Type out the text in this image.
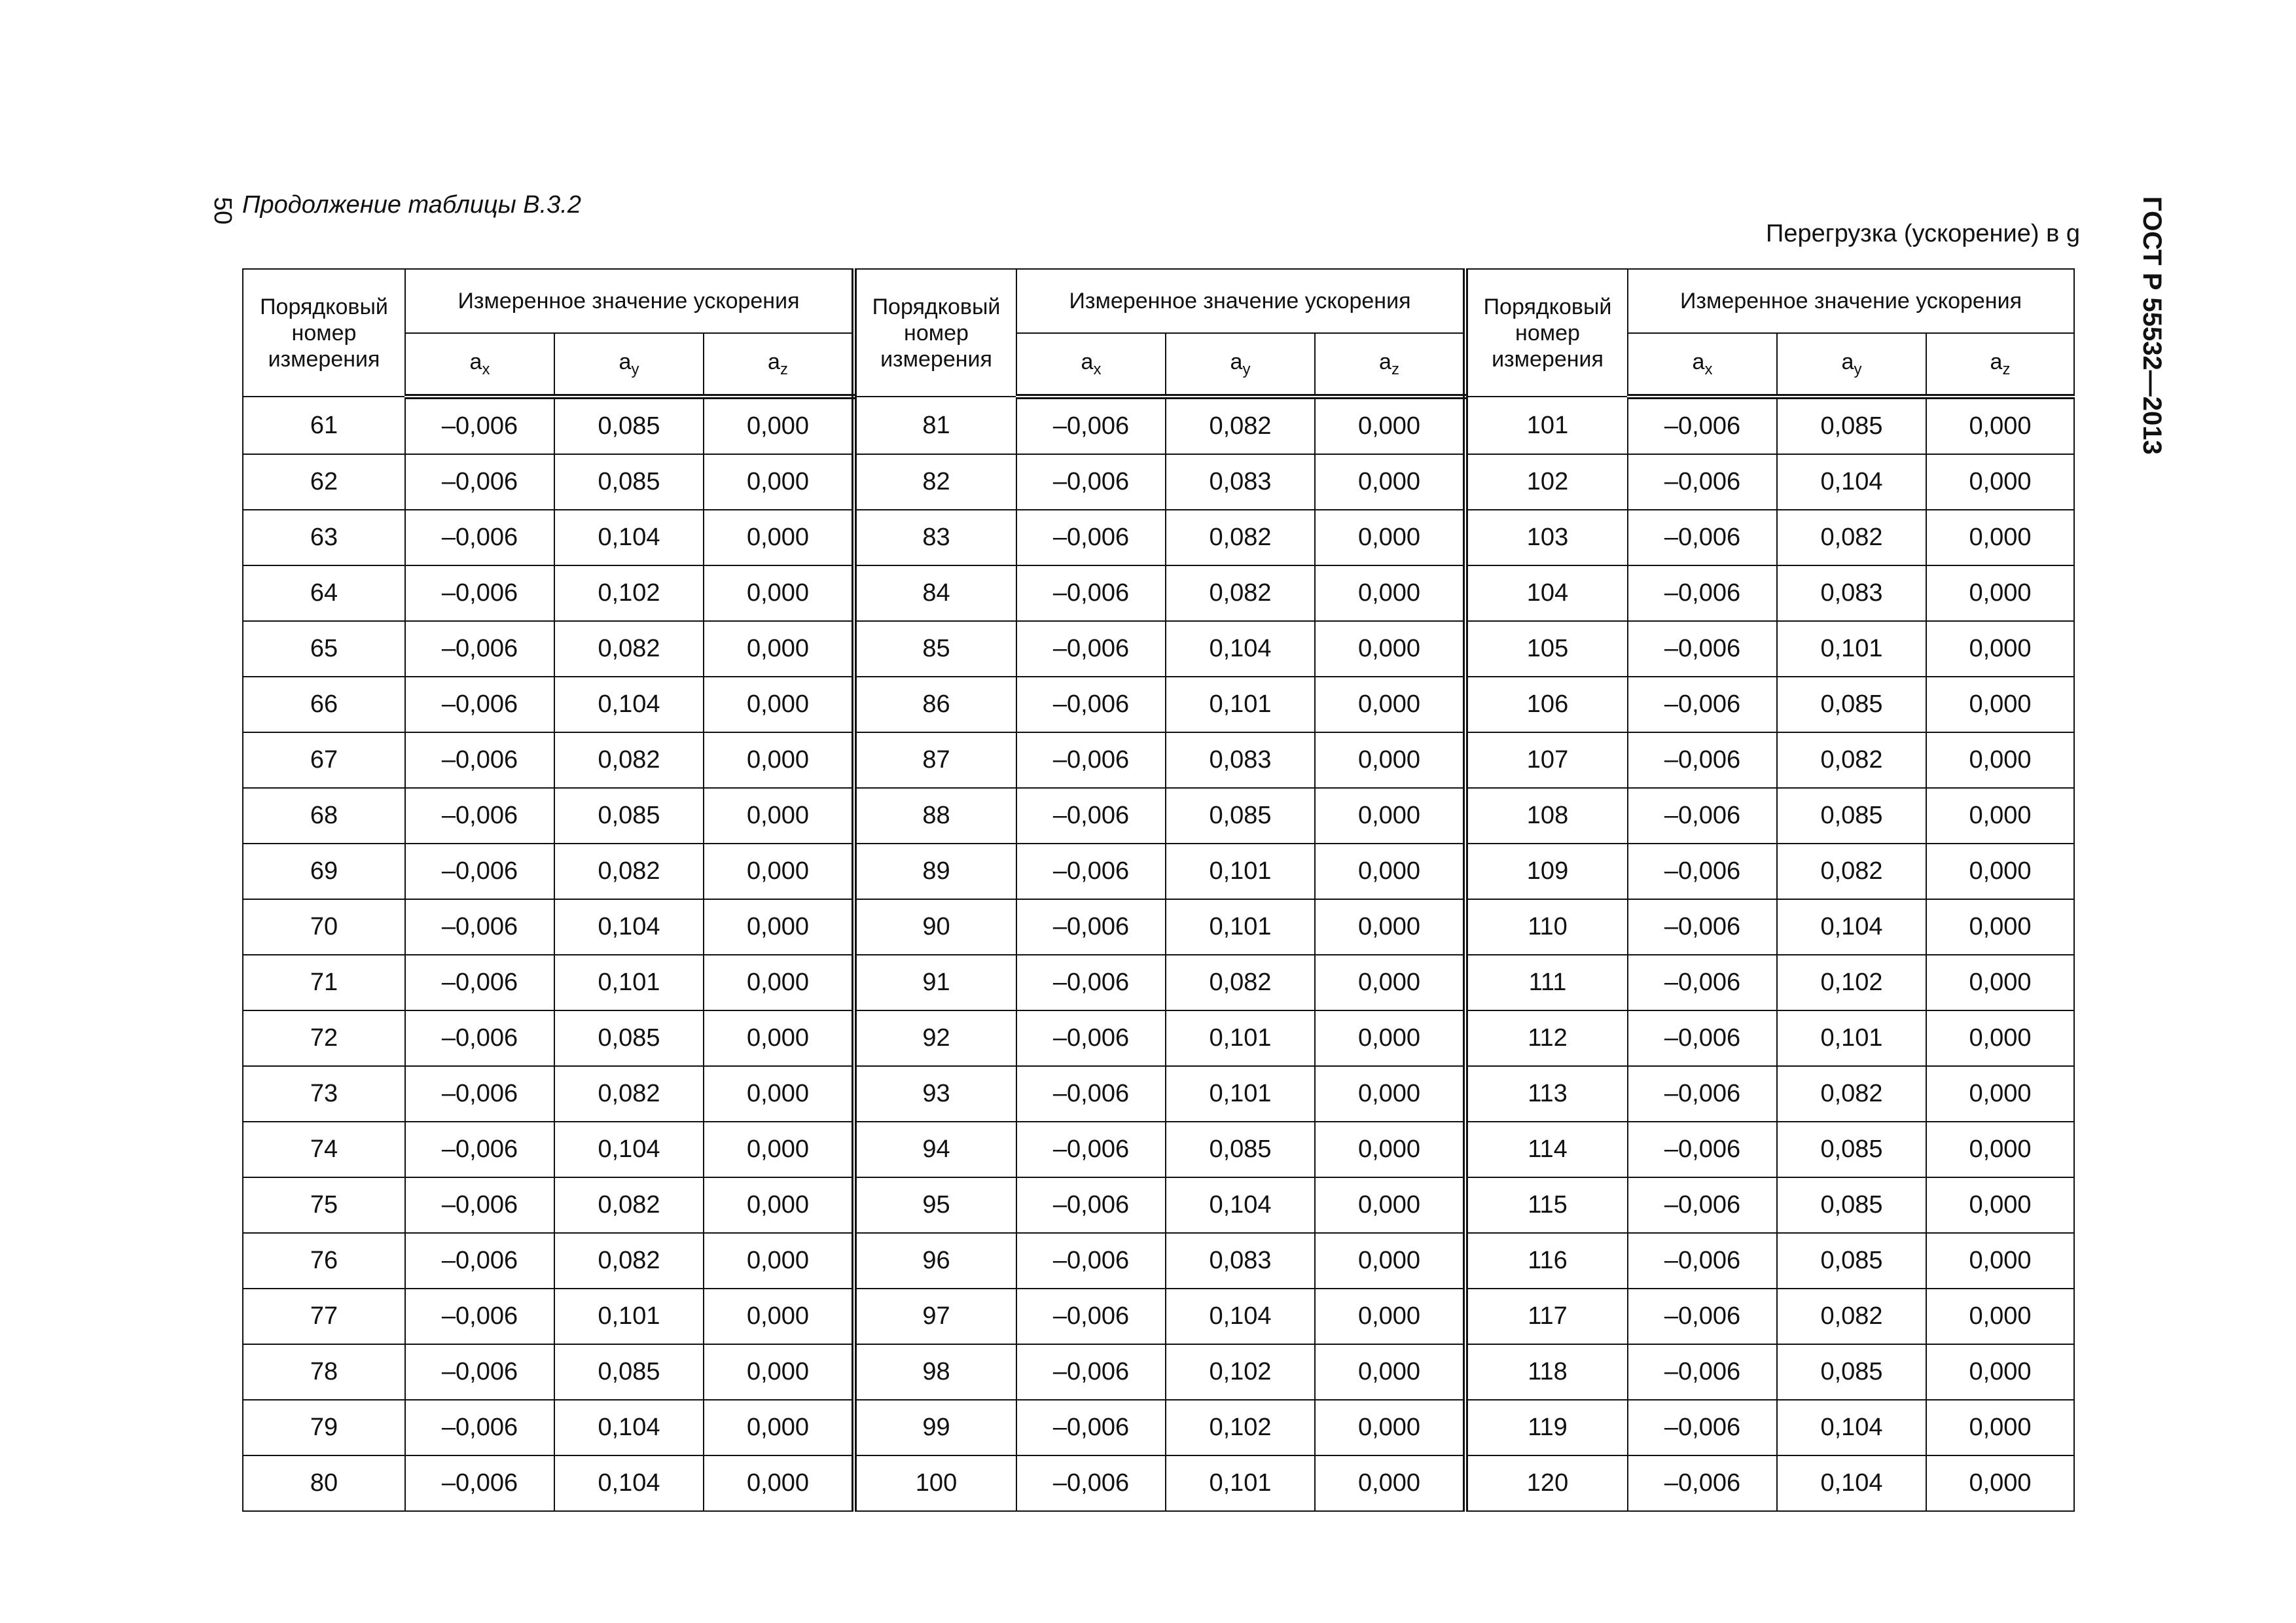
50 Продолжение таблицы В.3.2
Перегрузка (ускорение) в g ГОСТ Р 55532—2013
Порядковый номер измерения	Измеренное значение ускорения			Порядковый номер измерения	Измеренное значение ускорения			Порядковый номер измерения	Измеренное значение ускорения		
	$a_x$	$a_y$	$a_z$		$a_x$	$a_y$	$a_z$		$a_x$	$a_y$	$a_z$
61	–0,006	0,085	0,000	81	–0,006	0,082	0,000	101	–0,006	0,085	0,000
62	–0,006	0,085	0,000	82	–0,006	0,083	0,000	102	–0,006	0,104	0,000
63	–0,006	0,104	0,000	83	–0,006	0,082	0,000	103	–0,006	0,082	0,000
64	–0,006	0,102	0,000	84	–0,006	0,082	0,000	104	–0,006	0,083	0,000
65	–0,006	0,082	0,000	85	–0,006	0,104	0,000	105	–0,006	0,101	0,000
66	–0,006	0,104	0,000	86	–0,006	0,101	0,000	106	–0,006	0,085	0,000
67	–0,006	0,082	0,000	87	–0,006	0,083	0,000	107	–0,006	0,082	0,000
68	–0,006	0,085	0,000	88	–0,006	0,085	0,000	108	–0,006	0,085	0,000
69	–0,006	0,082	0,000	89	–0,006	0,101	0,000	109	–0,006	0,082	0,000
70	–0,006	0,104	0,000	90	–0,006	0,101	0,000	110	–0,006	0,104	0,000
71	–0,006	0,101	0,000	91	–0,006	0,082	0,000	111	–0,006	0,102	0,000
72	–0,006	0,085	0,000	92	–0,006	0,101	0,000	112	–0,006	0,101	0,000
73	–0,006	0,082	0,000	93	–0,006	0,101	0,000	113	–0,006	0,082	0,000
74	–0,006	0,104	0,000	94	–0,006	0,085	0,000	114	–0,006	0,085	0,000
75	–0,006	0,082	0,000	95	–0,006	0,104	0,000	115	–0,006	0,085	0,000
76	–0,006	0,082	0,000	96	–0,006	0,083	0,000	116	–0,006	0,085	0,000
77	–0,006	0,101	0,000	97	–0,006	0,104	0,000	117	–0,006	0,082	0,000
78	–0,006	0,085	0,000	98	–0,006	0,102	0,000	118	–0,006	0,085	0,000
79	–0,006	0,104	0,000	99	–0,006	0,102	0,000	119	–0,006	0,104	0,000
80	–0,006	0,104	0,000	100	–0,006	0,101	0,000	120	–0,006	0,104	0,000
